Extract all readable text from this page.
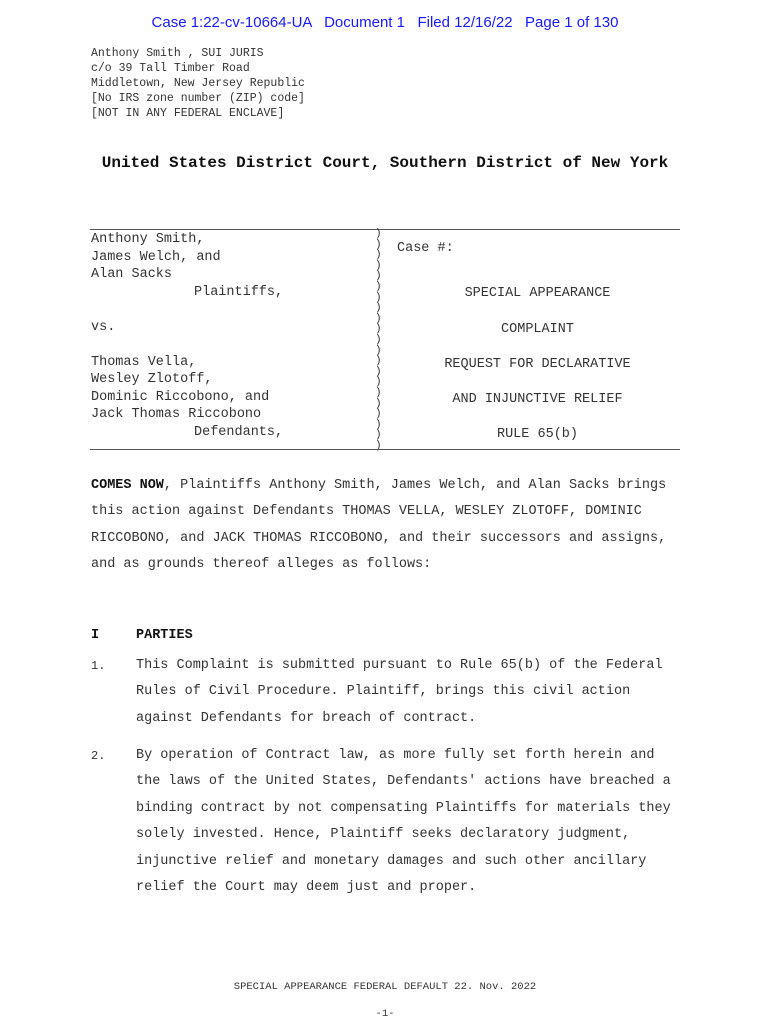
Case 1:22-cv-10664-UA   Document 1   Filed 12/16/22   Page 1 of 130
Anthony Smith , SUI JURIS
c/o 39 Tall Timber Road
Middletown, New Jersey Republic
[No IRS zone number (ZIP) code]
[NOT IN ANY FEDERAL ENCLAVE]
United States District Court, Southern District of New York
Anthony Smith,
James Welch, and
Alan Sacks
Plaintiffs,
vs.
Thomas Vella,
Wesley Zlotoff,
Dominic Riccobono, and
Jack Thomas Riccobono
Defendants,
)
)
)
)
)
)
)
)
)
)
)
)
)
)
)
)
)
)
)
)
)
Case #:
SPECIAL APPEARANCE
COMPLAINT
REQUEST FOR DECLARATIVE
AND INJUNCTIVE RELIEF
RULE 65(b)
COMES NOW, Plaintiffs Anthony Smith, James Welch, and Alan Sacks brings this action against Defendants THOMAS VELLA, WESLEY ZLOTOFF, DOMINIC RICCOBONO, and JACK THOMAS RICCOBONO, and their successors and assigns, and as grounds thereof alleges as follows:
I	PARTIES
1. This Complaint is submitted pursuant to Rule 65(b) of the Federal Rules of Civil Procedure. Plaintiff, brings this civil action against Defendants for breach of contract.
2. By operation of Contract law, as more fully set forth herein and the laws of the United States, Defendants' actions have breached a binding contract by not compensating Plaintiffs for materials they solely invested. Hence, Plaintiff seeks declaratory judgment, injunctive relief and monetary damages and such other ancillary relief the Court may deem just and proper.
SPECIAL APPEARANCE FEDERAL DEFAULT 22. Nov. 2022
-1-
